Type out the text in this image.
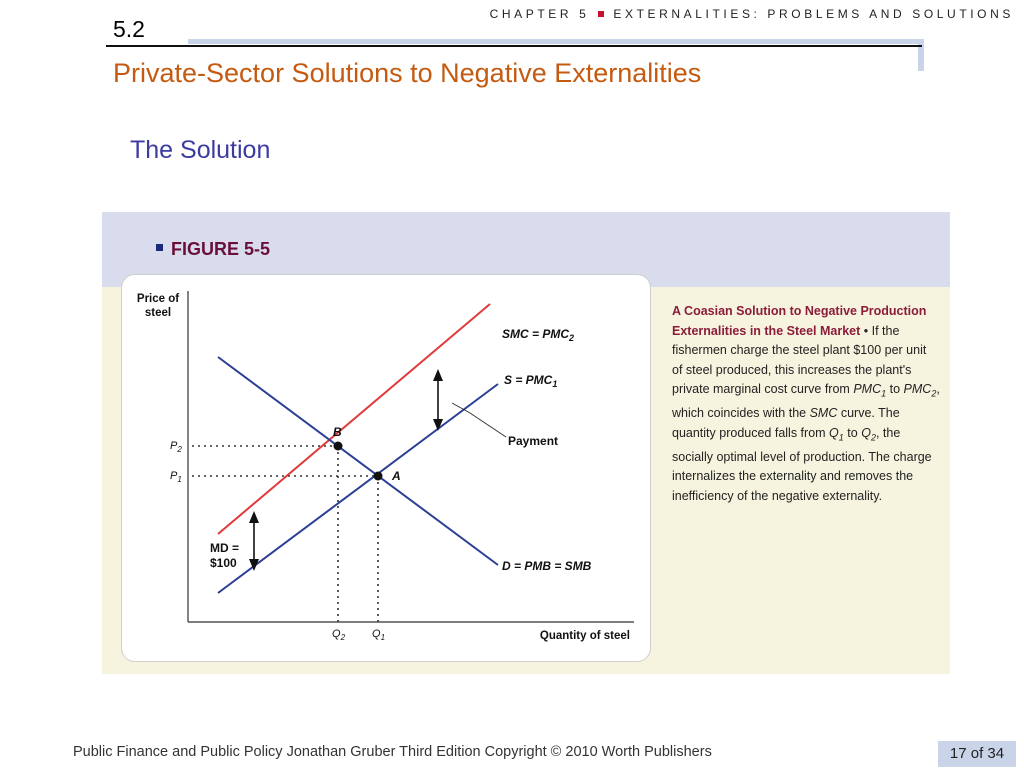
CHAPTER 5 EXTERNALITIES: PROBLEMS AND SOLUTIONS
5.2
Private-Sector Solutions to Negative Externalities
The Solution
FIGURE 5-5
Price of
steel
Quantity of steel
SMC = $PMC_2$
$S = PMC_1$
D = PMB = SMB
Payment
MD =
$100
B
A
$P_2$
$P_1$
$Q_2$ $Q_1$
A Coasian Solution to Negative Production Externalities in the Steel Market • If the fishermen charge the steel plant $100 per unit of steel produced, this increases the plant's private marginal cost curve from $PMC_1$ to $PMC_2$, which coincides with the SMC curve. The quantity produced falls from $Q_1$ to $Q_2$, the socially optimal level of production. The charge internalizes the externality and removes the inefficiency of the negative externality.
Public Finance and Public Policy Jonathan Gruber Third Edition Copyright © 2010 Worth Publishers	17 of 34
